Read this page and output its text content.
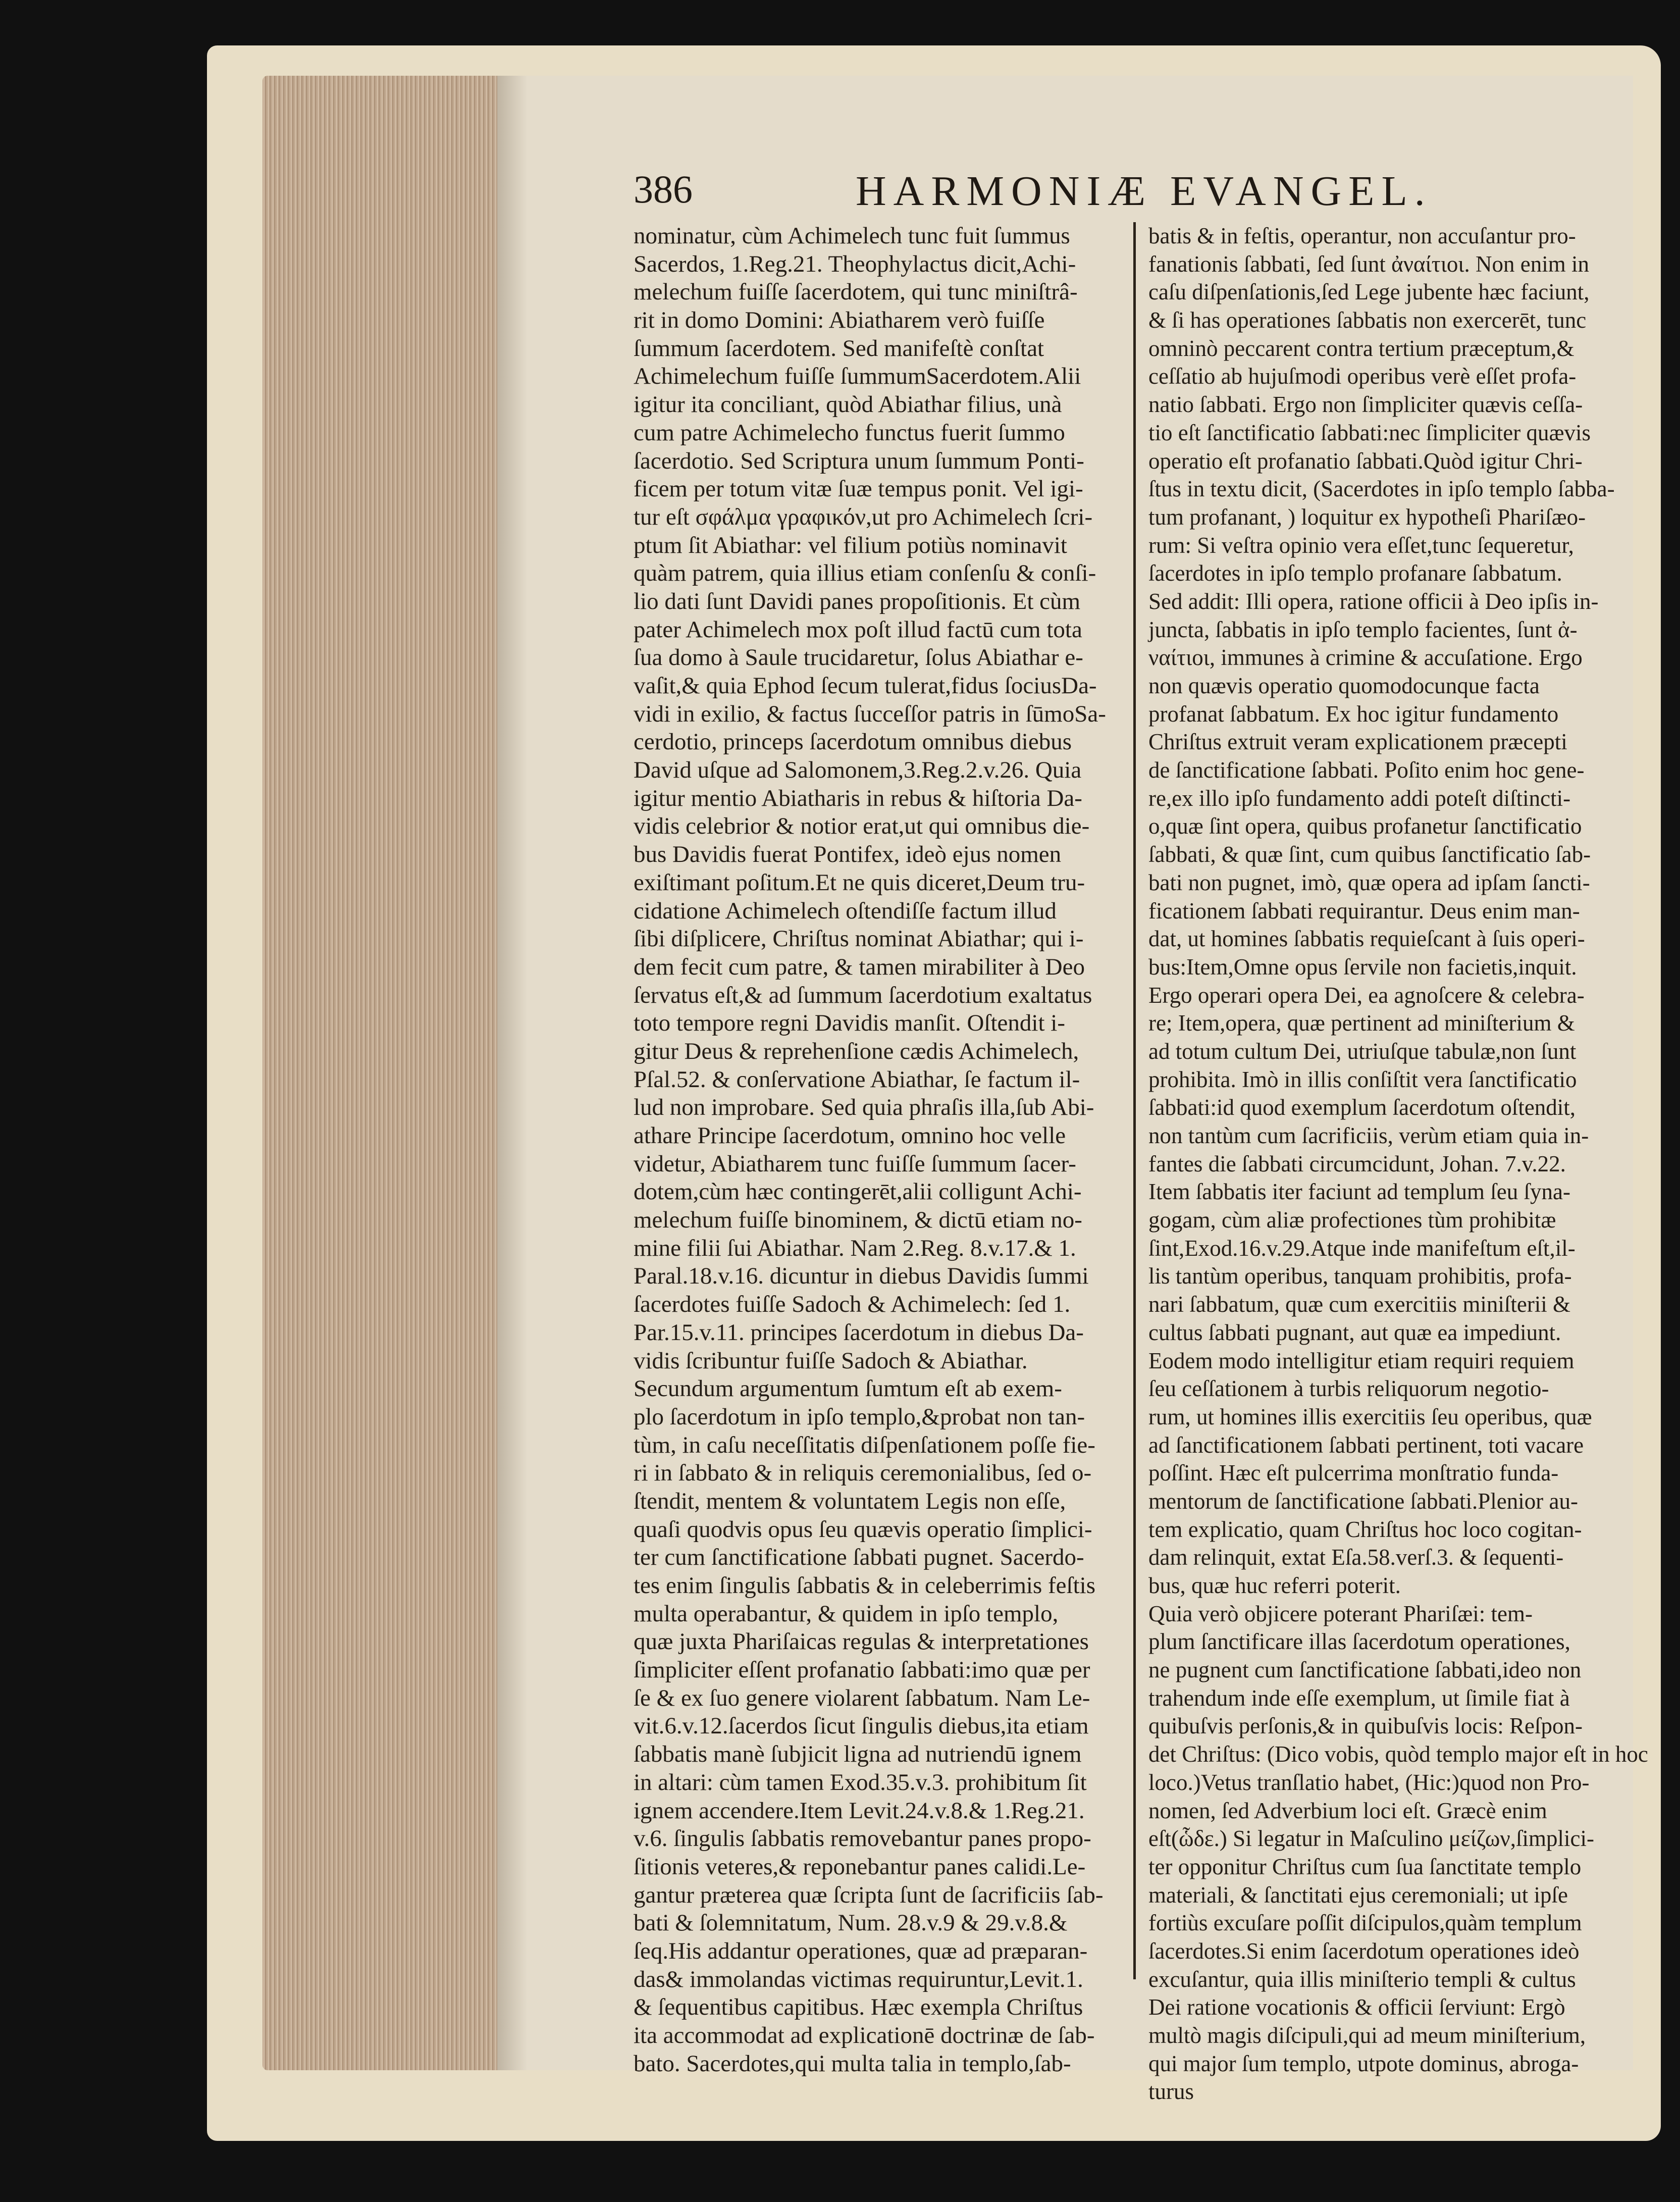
386	HARMONIÆ EVANGEL.
nominatur, cùm Achimelech tunc fuit ſummus
Sacerdos, 1.Reg.21. Theophylactus dicit,Achi-
melechum fuiſſe ſacerdotem, qui tunc miniſtrâ-
rit in domo Domini: Abiatharem verò fuiſſe
ſummum ſacerdotem. Sed manifeſtè conſtat
Achimelechum fuiſſe ſummumSacerdotem.Alii
igitur ita conciliant, quòd Abiathar filius, unà
cum patre Achimelecho functus fuerit ſummo
ſacerdotio. Sed Scriptura unum ſummum Ponti-
ficem per totum vitæ ſuæ tempus ponit. Vel igi-
tur eſt σφάλμα γραφικόν,ut pro Achimelech ſcri-
ptum ſit Abiathar: vel filium potiùs nominavit
quàm patrem, quia illius etiam conſenſu & conſi-
lio dati ſunt Davidi panes propoſitionis. Et cùm
pater Achimelech mox poſt illud factū cum tota
ſua domo à Saule trucidaretur, ſolus Abiathar e-
vaſit,& quia Ephod ſecum tulerat,fidus ſociusDa-
vidi in exilio, & factus ſucceſſor patris in ſūmoSa-
cerdotio, princeps ſacerdotum omnibus diebus
David uſque ad Salomonem,3.Reg.2.v.26. Quia
igitur mentio Abiatharis in rebus & hiſtoria Da-
vidis celebrior & notior erat,ut qui omnibus die-
bus Davidis fuerat Pontifex, ideò ejus nomen
exiſtimant poſitum.Et ne quis diceret,Deum tru-
cidatione Achimelech oſtendiſſe factum illud
ſibi diſplicere, Chriſtus nominat Abiathar; qui i-
dem fecit cum patre, & tamen mirabiliter à Deo
ſervatus eſt,& ad ſummum ſacerdotium exaltatus
toto tempore regni Davidis manſit. Oſtendit i-
gitur Deus & reprehenſione cædis Achimelech,
Pſal.52. & conſervatione Abiathar, ſe factum il-
lud non improbare. Sed quia phraſis illa,ſub Abi-
athare Principe ſacerdotum, omnino hoc velle
videtur, Abiatharem tunc fuiſſe ſummum ſacer-
dotem,cùm hæc contingerēt,alii colligunt Achi-
melechum fuiſſe binominem, & dictū etiam no-
mine filii ſui Abiathar. Nam 2.Reg. 8.v.17.& 1.
Paral.18.v.16. dicuntur in diebus Davidis ſummi
ſacerdotes fuiſſe Sadoch & Achimelech: ſed 1.
Par.15.v.11. principes ſacerdotum in diebus Da-
vidis ſcribuntur fuiſſe Sadoch & Abiathar.
Secundum argumentum ſumtum eſt ab exem-
plo ſacerdotum in ipſo templo,&probat non tan-
tùm, in caſu neceſſitatis diſpenſationem poſſe fie-
ri in ſabbato & in reliquis ceremonialibus, ſed o-
ſtendit, mentem & voluntatem Legis non eſſe,
quaſi quodvis opus ſeu quævis operatio ſimplici-
ter cum ſanctificatione ſabbati pugnet. Sacerdo-
tes enim ſingulis ſabbatis & in celeberrimis feſtis
multa operabantur, & quidem in ipſo templo,
quæ juxta Phariſaicas regulas & interpretationes
ſimpliciter eſſent profanatio ſabbati:imo quæ per
ſe & ex ſuo genere violarent ſabbatum. Nam Le-
vit.6.v.12.ſacerdos ſicut ſingulis diebus,ita etiam
ſabbatis manè ſubjicit ligna ad nutriendū ignem
in altari: cùm tamen Exod.35.v.3. prohibitum ſit
ignem accendere.Item Levit.24.v.8.& 1.Reg.21.
v.6. ſingulis ſabbatis removebantur panes propo-
ſitionis veteres,& reponebantur panes calidi.Le-
gantur præterea quæ ſcripta ſunt de ſacrificiis ſab-
bati & ſolemnitatum, Num. 28.v.9 & 29.v.8.&
ſeq.His addantur operationes, quæ ad præparan-
das& immolandas victimas requiruntur,Levit.1.
& ſequentibus capitibus. Hæc exempla Chriſtus
ita accommodat ad explicationē doctrinæ de ſab-
bato. Sacerdotes,qui multa talia in templo,ſab-
batis & in feſtis, operantur, non accuſantur pro-
fanationis ſabbati, ſed ſunt ἀναίτιοι. Non enim in
caſu diſpenſationis,ſed Lege jubente hæc faciunt,
& ſi has operationes ſabbatis non exercerēt, tunc
omninò peccarent contra tertium præceptum,&
ceſſatio ab hujuſmodi operibus verè eſſet profa-
natio ſabbati. Ergo non ſimpliciter quævis ceſſa-
tio eſt ſanctificatio ſabbati:nec ſimpliciter quævis
operatio eſt profanatio ſabbati.Quòd igitur Chri-
ſtus in textu dicit, (Sacerdotes in ipſo templo ſabba-
tum profanant, ) loquitur ex hypotheſi Phariſæo-
rum: Si veſtra opinio vera eſſet,tunc ſequeretur,
ſacerdotes in ipſo templo profanare ſabbatum.
Sed addit: Illi opera, ratione officii à Deo ipſis in-
juncta, ſabbatis in ipſo templo facientes, ſunt ἀ-
ναίτιοι, immunes à crimine & accuſatione. Ergo
non quævis operatio quomodocunque facta
profanat ſabbatum. Ex hoc igitur fundamento
Chriſtus extruit veram explicationem præcepti
de ſanctificatione ſabbati. Poſito enim hoc gene-
re,ex illo ipſo fundamento addi poteſt diſtincti-
o,quæ ſint opera, quibus profanetur ſanctificatio
ſabbati, & quæ ſint, cum quibus ſanctificatio ſab-
bati non pugnet, imò, quæ opera ad ipſam ſancti-
ficationem ſabbati requirantur. Deus enim man-
dat, ut homines ſabbatis requieſcant à ſuis operi-
bus:Item,Omne opus ſervile non facietis,inquit.
Ergo operari opera Dei, ea agnoſcere & celebra-
re; Item,opera, quæ pertinent ad miniſterium &
ad totum cultum Dei, utriuſque tabulæ,non ſunt
prohibita. Imò in illis conſiſtit vera ſanctificatio
ſabbati:id quod exemplum ſacerdotum oſtendit,
non tantùm cum ſacrificiis, verùm etiam quia in-
fantes die ſabbati circumcidunt, Johan. 7.v.22.
Item ſabbatis iter faciunt ad templum ſeu ſyna-
gogam, cùm aliæ profectiones tùm prohibitæ
ſint,Exod.16.v.29.Atque inde manifeſtum eſt,il-
lis tantùm operibus, tanquam prohibitis, profa-
nari ſabbatum, quæ cum exercitiis miniſterii &
cultus ſabbati pugnant, aut quæ ea impediunt.
Eodem modo intelligitur etiam requiri requiem
ſeu ceſſationem à turbis reliquorum negotio-
rum, ut homines illis exercitiis ſeu operibus, quæ
ad ſanctificationem ſabbati pertinent, toti vacare
poſſint. Hæc eſt pulcerrima monſtratio funda-
mentorum de ſanctificatione ſabbati.Plenior au-
tem explicatio, quam Chriſtus hoc loco cogitan-
dam relinquit, extat Eſa.58.verſ.3. & ſequenti-
bus, quæ huc referri poterit.
Quia verò objicere poterant Phariſæi: tem-
plum ſanctificare illas ſacerdotum operationes,
ne pugnent cum ſanctificatione ſabbati,ideo non
trahendum inde eſſe exemplum, ut ſimile fiat à
quibuſvis perſonis,& in quibuſvis locis: Reſpon-
det Chriſtus: (Dico vobis, quòd templo major eſt in hoc
loco.)Vetus tranſlatio habet, (Hic:)quod non Pro-
nomen, ſed Adverbium loci eſt. Græcè enim
eſt(ὧδε.) Si legatur in Maſculino μείζων,ſimplici-
ter opponitur Chriſtus cum ſua ſanctitate templo
materiali, & ſanctitati ejus ceremoniali; ut ipſe
fortiùs excuſare poſſit diſcipulos,quàm templum
ſacerdotes.Si enim ſacerdotum operationes ideò
excuſantur, quia illis miniſterio templi & cultus
Dei ratione vocationis & officii ſerviunt: Ergò
multò magis diſcipuli,qui ad meum miniſterium,
qui major ſum templo, utpote dominus, abroga-
turus
